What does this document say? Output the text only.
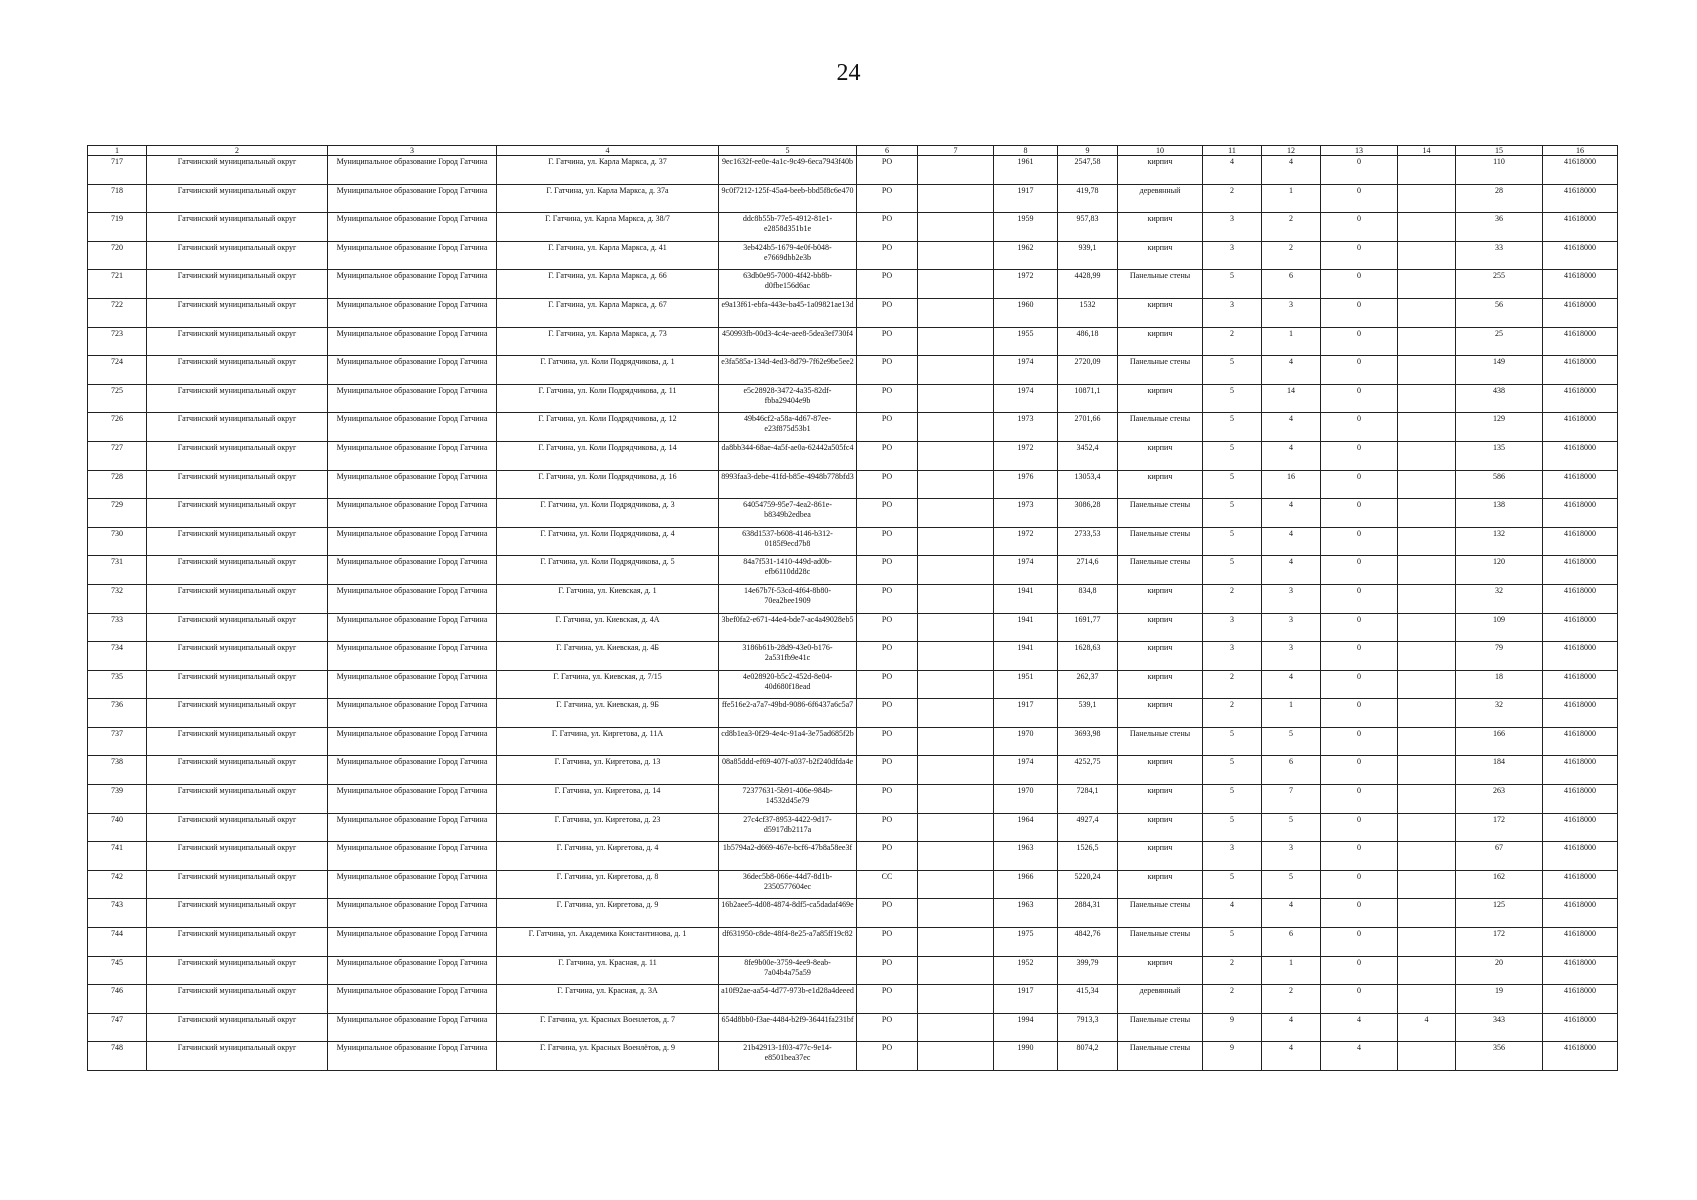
24
1	2	3	4	5	6	7	8	9	10	11	12	13	14	15	16
717	Гатчинский муниципальный округ	Муниципальное образование Город Гатчина	Г. Гатчина, ул. Карла Маркса, д. 37	9ec1632f-ee0e-4a1c-9c49-6eca7943f40b	РО		1961	2547,58	кирпич	4	4	0		110	41618000
718	Гатчинский муниципальный округ	Муниципальное образование Город Гатчина	Г. Гатчина, ул. Карла Маркса, д. 37а	9c0f7212-125f-45a4-beeb-bbd5f8c6e470	РО		1917	419,78	деревянный	2	1	0		28	41618000
719	Гатчинский муниципальный округ	Муниципальное образование Город Гатчина	Г. Гатчина, ул. Карла Маркса, д. 38/7	ddc8b55b-77e5-4912-81e1-e2858d351b1e	РО		1959	957,83	кирпич	3	2	0		36	41618000
720	Гатчинский муниципальный округ	Муниципальное образование Город Гатчина	Г. Гатчина, ул. Карла Маркса, д. 41	3eb424b5-1679-4e0f-b048-e7669dbb2e3b	РО		1962	939,1	кирпич	3	2	0		33	41618000
721	Гатчинский муниципальный округ	Муниципальное образование Город Гатчина	Г. Гатчина, ул. Карла Маркса, д. 66	63db0e95-7000-4f42-bb8b-d0fbe156d6ac	РО		1972	4428,99	Панельные стены	5	6	0		255	41618000
722	Гатчинский муниципальный округ	Муниципальное образование Город Гатчина	Г. Гатчина, ул. Карла Маркса, д. 67	e9a13f61-ebfa-443e-ba45-1a09821ae13d	РО		1960	1532	кирпич	3	3	0		56	41618000
723	Гатчинский муниципальный округ	Муниципальное образование Город Гатчина	Г. Гатчина, ул. Карла Маркса, д. 73	450993fb-00d3-4c4e-aee8-5dea3ef730f4	РО		1955	486,18	кирпич	2	1	0		25	41618000
724	Гатчинский муниципальный округ	Муниципальное образование Город Гатчина	Г. Гатчина, ул. Коли Подрядчикова, д. 1	e3fa585a-134d-4ed3-8d79-7f62e9be5ee2	РО		1974	2720,09	Панельные стены	5	4	0		149	41618000
725	Гатчинский муниципальный округ	Муниципальное образование Город Гатчина	Г. Гатчина, ул. Коли Подрядчикова, д. 11	e5c28928-3472-4a35-82df-fbba29404e9b	РО		1974	10871,1	кирпич	5	14	0		438	41618000
726	Гатчинский муниципальный округ	Муниципальное образование Город Гатчина	Г. Гатчина, ул. Коли Подрядчикова, д. 12	49b46cf2-a58a-4d67-87ee-e23f875d53b1	РО		1973	2701,66	Панельные стены	5	4	0		129	41618000
727	Гатчинский муниципальный округ	Муниципальное образование Город Гатчина	Г. Гатчина, ул. Коли Подрядчикова, д. 14	da8bb344-68ae-4a5f-ae0a-62442a505fc4	РО		1972	3452,4	кирпич	5	4	0		135	41618000
728	Гатчинский муниципальный округ	Муниципальное образование Город Гатчина	Г. Гатчина, ул. Коли Подрядчикова, д. 16	8993faa3-debe-41fd-b85e-4948b778bfd3	РО		1976	13053,4	кирпич	5	16	0		586	41618000
729	Гатчинский муниципальный округ	Муниципальное образование Город Гатчина	Г. Гатчина, ул. Коли Подрядчикова, д. 3	64054759-95e7-4ea2-861e-b8349b2edbea	РО		1973	3086,28	Панельные стены	5	4	0		138	41618000
730	Гатчинский муниципальный округ	Муниципальное образование Город Гатчина	Г. Гатчина, ул. Коли Подрядчикова, д. 4	638d1537-b608-4146-b312-0185f9ecd7b8	РО		1972	2733,53	Панельные стены	5	4	0		132	41618000
731	Гатчинский муниципальный округ	Муниципальное образование Город Гатчина	Г. Гатчина, ул. Коли Подрядчикова, д. 5	84a7f531-1410-449d-ad0b-efb6110dd28c	РО		1974	2714,6	Панельные стены	5	4	0		120	41618000
732	Гатчинский муниципальный округ	Муниципальное образование Город Гатчина	Г. Гатчина, ул. Киевская, д. 1	14e67b7f-53cd-4f64-8b80-70ea2bee1909	РО		1941	834,8	кирпич	2	3	0		32	41618000
733	Гатчинский муниципальный округ	Муниципальное образование Город Гатчина	Г. Гатчина, ул. Киевская, д. 4А	3bef0fa2-e671-44e4-bde7-ac4a49028eb5	РО		1941	1691,77	кирпич	3	3	0		109	41618000
734	Гатчинский муниципальный округ	Муниципальное образование Город Гатчина	Г. Гатчина, ул. Киевская, д. 4Б	3186b61b-28d9-43e0-b176-2a531fb9e41c	РО		1941	1628,63	кирпич	3	3	0		79	41618000
735	Гатчинский муниципальный округ	Муниципальное образование Город Гатчина	Г. Гатчина, ул. Киевская, д. 7/15	4e028920-b5c2-452d-8e04-40d680f18ead	РО		1951	262,37	кирпич	2	4	0		18	41618000
736	Гатчинский муниципальный округ	Муниципальное образование Город Гатчина	Г. Гатчина, ул. Киевская, д. 9Б	ffe516e2-a7a7-49bd-9086-6f6437a6c5a7	РО		1917	539,1	кирпич	2	1	0		32	41618000
737	Гатчинский муниципальный округ	Муниципальное образование Город Гатчина	Г. Гатчина, ул. Киргетова, д. 11А	cd8b1ea3-0f29-4e4c-91a4-3e75ad685f2b	РО		1970	3693,98	Панельные стены	5	5	0		166	41618000
738	Гатчинский муниципальный округ	Муниципальное образование Город Гатчина	Г. Гатчина, ул. Киргетова, д. 13	08a85ddd-ef69-407f-a037-b2f240dfda4e	РО		1974	4252,75	кирпич	5	6	0		184	41618000
739	Гатчинский муниципальный округ	Муниципальное образование Город Гатчина	Г. Гатчина, ул. Киргетова, д. 14	72377631-5b91-406e-984b-14532d45e79	РО		1970	7284,1	кирпич	5	7	0		263	41618000
740	Гатчинский муниципальный округ	Муниципальное образование Город Гатчина	Г. Гатчина, ул. Киргетова, д. 23	27c4cf37-8953-4422-9d17-d5917db2117a	РО		1964	4927,4	кирпич	5	5	0		172	41618000
741	Гатчинский муниципальный округ	Муниципальное образование Город Гатчина	Г. Гатчина, ул. Киргетова, д. 4	1b5794a2-d669-467e-bcf6-47b8a58ee3f	РО		1963	1526,5	кирпич	3	3	0		67	41618000
742	Гатчинский муниципальный округ	Муниципальное образование Город Гатчина	Г. Гатчина, ул. Киргетова, д. 8	36dec5b8-066e-44d7-8d1b-2350577604ec	СС		1966	5220,24	кирпич	5	5	0		162	41618000
743	Гатчинский муниципальный округ	Муниципальное образование Город Гатчина	Г. Гатчина, ул. Киргетова, д. 9	16b2aee5-4d08-4874-8df5-ca5dadaf469e	РО		1963	2884,31	Панельные стены	4	4	0		125	41618000
744	Гатчинский муниципальный округ	Муниципальное образование Город Гатчина	Г. Гатчина, ул. Академика Константинова, д. 1	df631950-c8de-48f4-8e25-a7a85ff19c82	РО		1975	4842,76	Панельные стены	5	6	0		172	41618000
745	Гатчинский муниципальный округ	Муниципальное образование Город Гатчина	Г. Гатчина, ул. Красная, д. 11	8fe9b00e-3759-4ee9-8eab-7a04b4a75a59	РО		1952	399,79	кирпич	2	1	0		20	41618000
746	Гатчинский муниципальный округ	Муниципальное образование Город Гатчина	Г. Гатчина, ул. Красная, д. 3А	a10f92ae-aa54-4d77-973b-e1d28a4deeed	РО		1917	415,34	деревянный	2	2	0		19	41618000
747	Гатчинский муниципальный округ	Муниципальное образование Город Гатчина	Г. Гатчина, ул. Красных Военлетов, д. 7	654d8bb0-f3ae-4484-b2f9-36441fa231bf	РО		1994	7913,3	Панельные стены	9	4	4	4	343	41618000
748	Гатчинский муниципальный округ	Муниципальное образование Город Гатчина	Г. Гатчина, ул. Красных Военлётов, д. 9	21b42913-1f03-477c-9e14-e8501bea37ec	РО		1990	8074,2	Панельные стены	9	4	4		356	41618000
